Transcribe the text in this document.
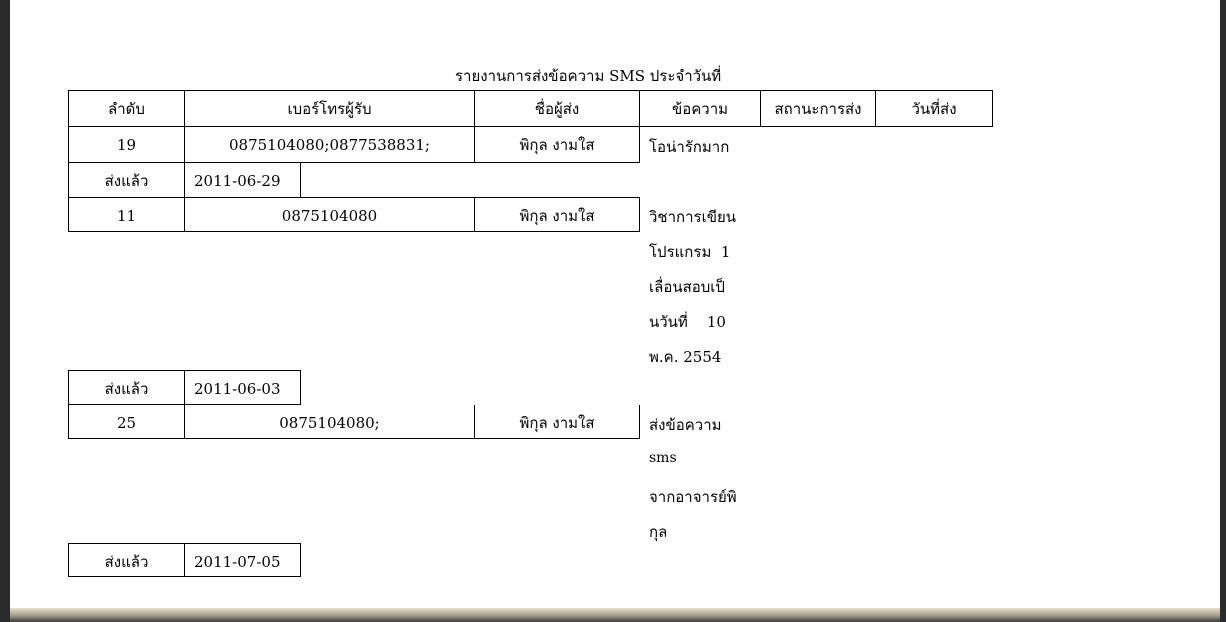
รายงานการส่งข้อความ SMS ประจำวันที่
ลำดับ	เบอร์โทรผู้รับ	ชื่อผู้ส่ง	ข้อความ	สถานะการส่ง	วันที่ส่ง
19	0875104080;0877538831;	พิกุล งามใส	โอน่ารักมาก
ส่งแล้ว	2011-06-29
11	0875104080	พิกุล งามใส	วิชาการเขียน
โปรแกรม  1
เลื่อนสอบเป็
นวันที่    10
พ.ค. 2554
ส่งแล้ว	2011-06-03
25	0875104080;	พิกุล งามใส	ส่งข้อความ
sms
จากอาจารย์พิ
กุล
ส่งแล้ว	2011-07-05
